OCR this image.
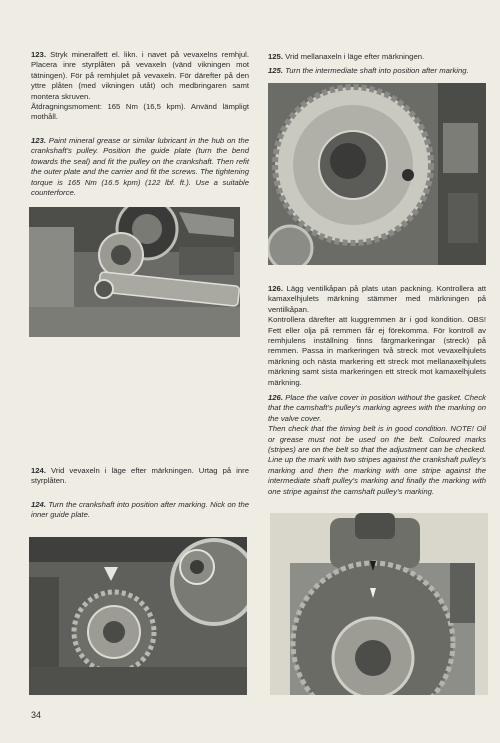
123. Stryk mineralfett el. likn. i navet på vevaxelns remhjul. Placera inre styrplåten på vevaxeln (vänd vikningen mot tätningen). För på remhjulet på vevaxeln. För därefter på den yttre plåten (med vikningen utåt) och medbringaren samt montera skruven.

Åtdragningsmoment: 165 Nm (16,5 kpm). Använd lämpligt mothåll.

123. Paint mineral grease or similar lubricant in the hub on the crankshaft’s pulley. Position the guide plate (turn the bend towards the seal) and fit the pulley on the crankshaft. Then refit the outer plate and the carrier and fit the screws. The tightening torque is 165 Nm (16.5 kpm) (122 lbf. ft.). Use a suitable counterforce.

124. Vrid vevaxeln i läge efter märkningen. Urtag på inre styrplåten.

124. Turn the crankshaft into position after marking. Nick on the inner guide plate.

125. Vrid mellanaxeln i läge efter märkningen.

125. Turn the intermediate shaft into position after marking.

126. Lägg ventilkåpan på plats utan packning. Kontrollera att kamaxelhjulets märkning stämmer med märkningen på ventilkåpan.

Kontrollera därefter att kuggremmen är i god kondition. OBS! Fett eller olja på remmen får ej förekomma. För kontroll av remhjulens inställning finns färgmarkeringar (streck) på remmen. Passa in markeringen två streck mot vevaxelhjulets märkning och nästa markering ett streck mot mellanaxelhjulets märkning samt sista markeringen ett streck mot kamaxelhjulets märkning.

126. Place the valve cover in position without the gasket. Check that the camshaft’s pulley’s marking agrees with the marking on the valve cover.

Then check that the timing belt is in good condition. NOTE! Oil or grease must not be used on the belt. Coloured marks (stripes) are on the belt so that the adjustment can be checked. Line up the mark with two stripes against the crankshaft pulley’s marking and then the marking with one stripe against the intermediate shaft pulley’s marking and finally the marking with one stripe against the camshaft pulley’s marking.

34
